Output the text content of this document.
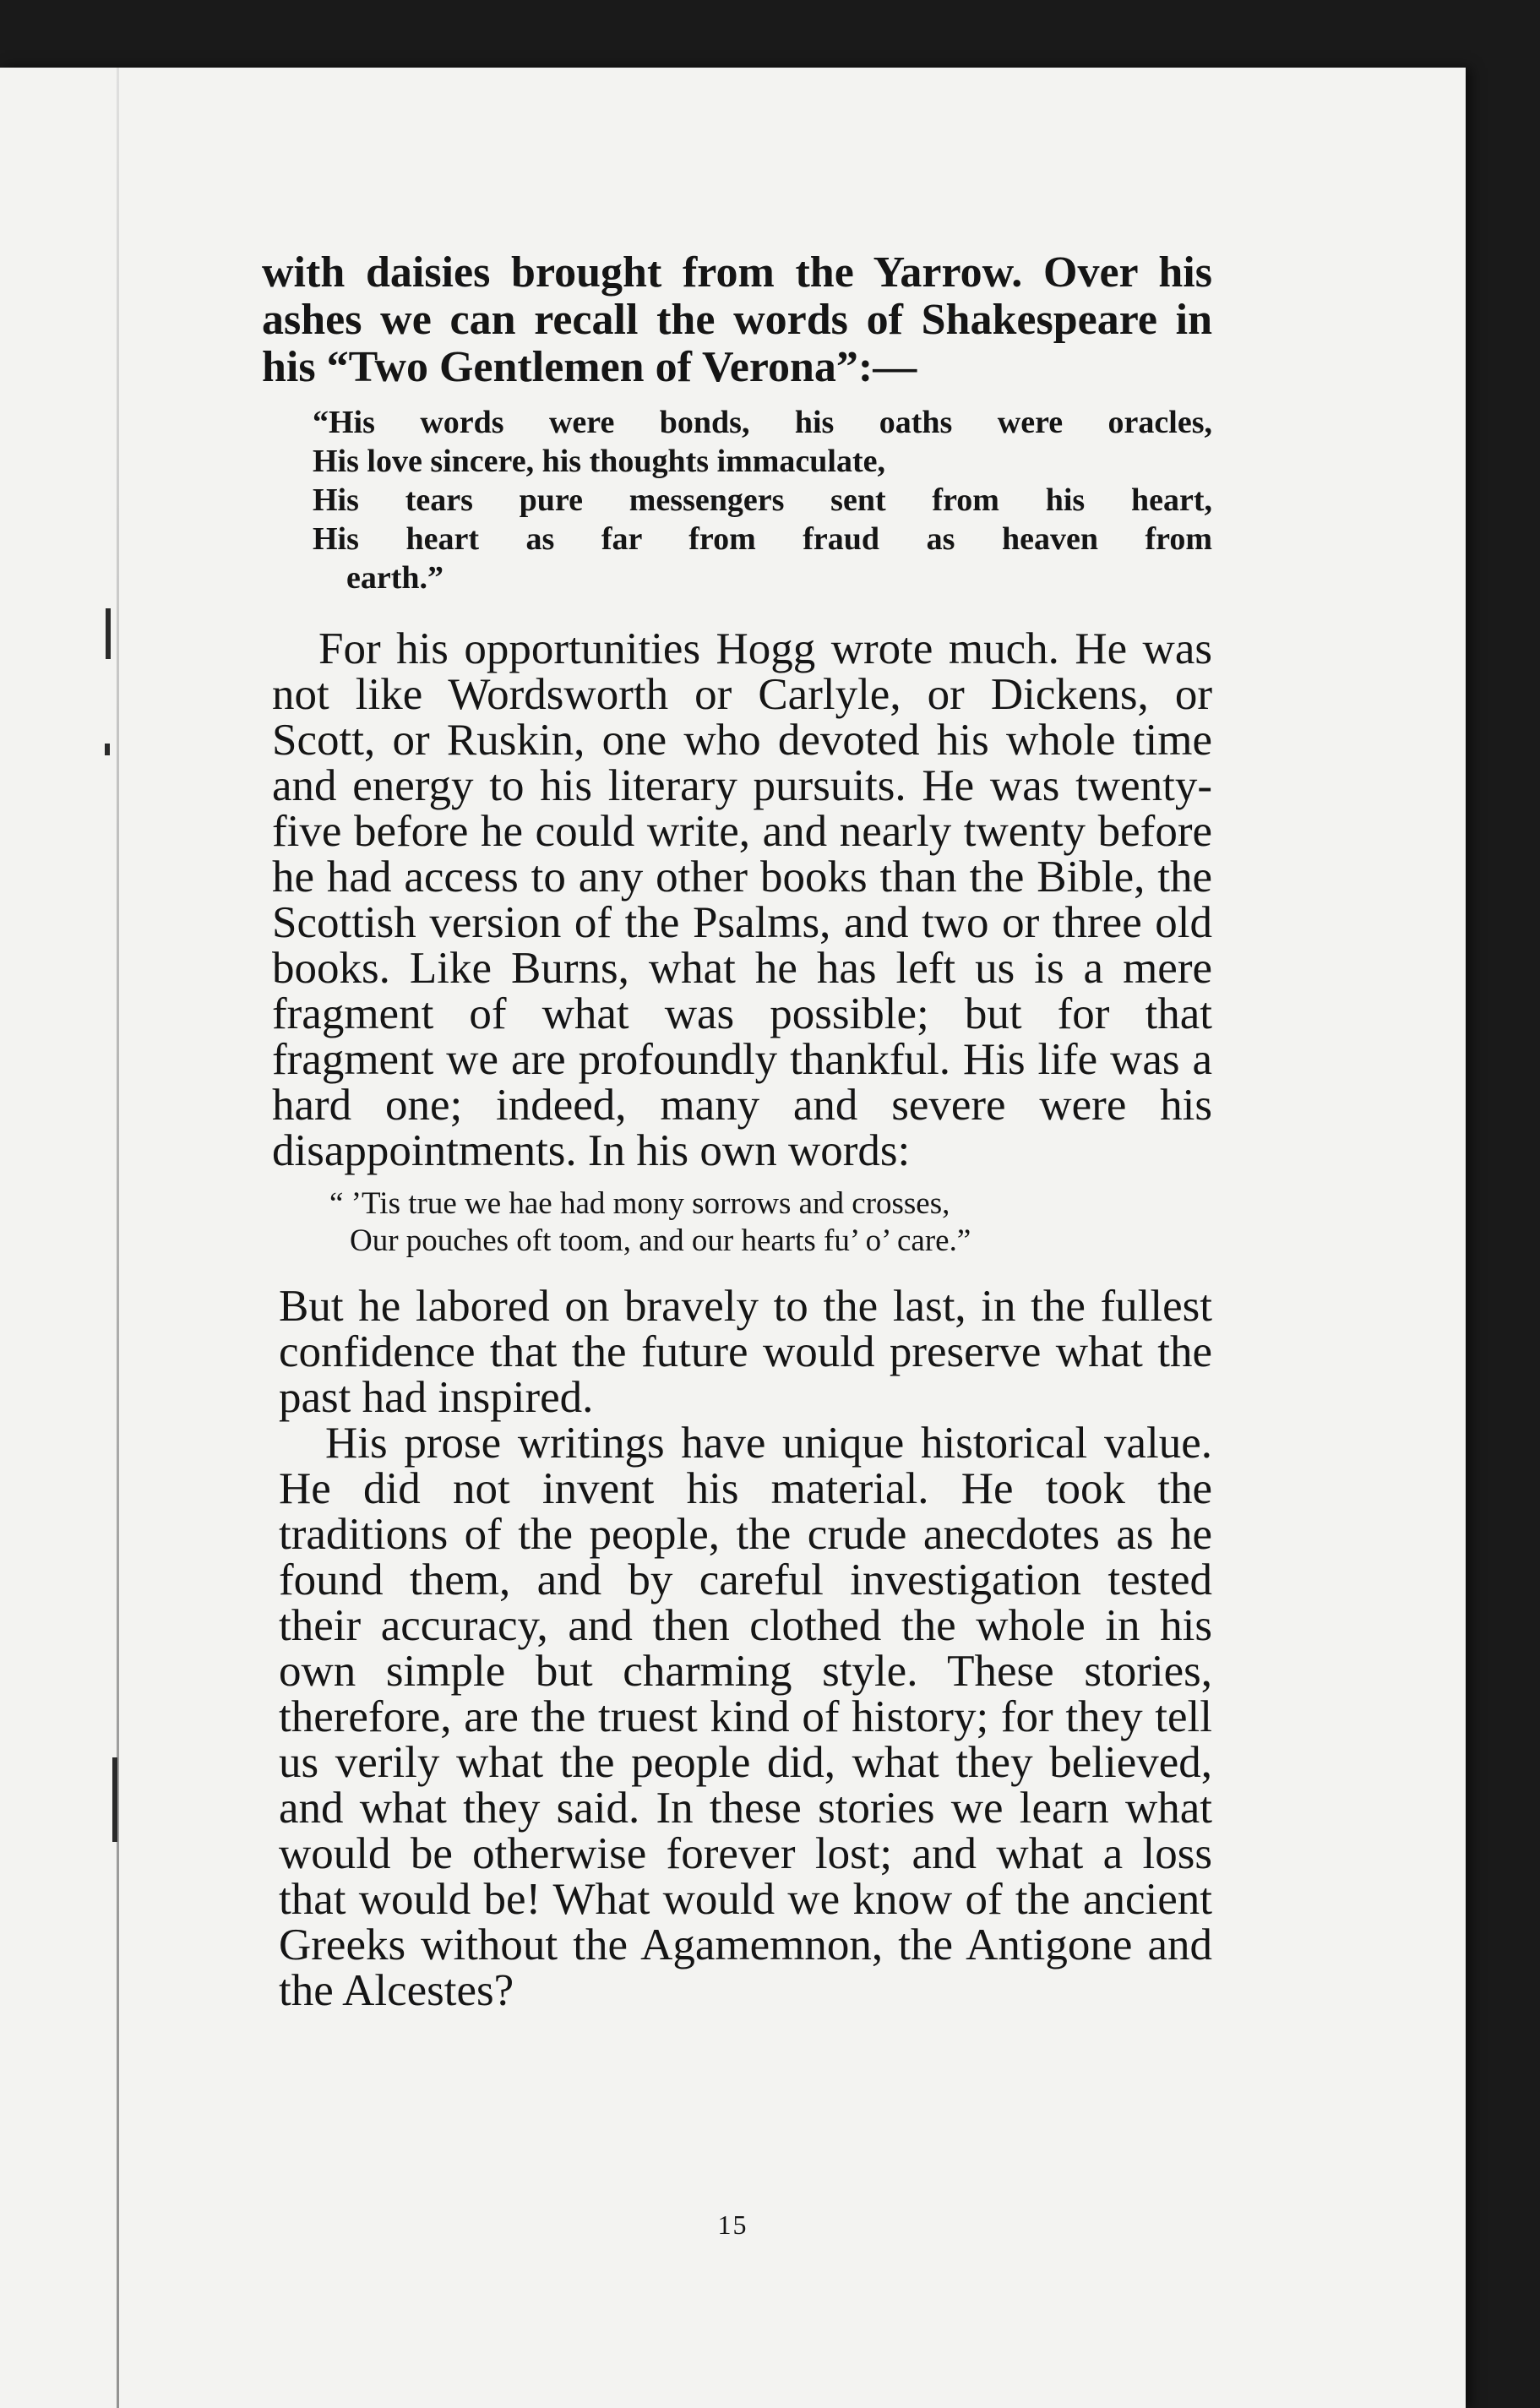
with daisies brought from the Yarrow. Over his ashes we can recall the words of Shakespeare in his “Two Gentlemen of Verona”:—

“His words were bonds, his oaths were oracles,
His love sincere, his thoughts immaculate,
His tears pure messengers sent from his heart,
His heart as far from fraud as heaven from
earth.”

For his opportunities Hogg wrote much. He was not like Wordsworth or Carlyle, or Dickens, or Scott, or Ruskin, one who devoted his whole time and energy to his literary pursuits. He was twenty-five before he could write, and nearly twenty before he had access to any other books than the Bible, the Scottish version of the Psalms, and two or three old books. Like Burns, what he has left us is a mere fragment of what was possible; but for that fragment we are profoundly thankful. His life was a hard one; indeed, many and severe were his disappointments. In his own words:

“ ’Tis true we hae had mony sorrows and crosses,
Our pouches oft toom, and our hearts fu’ o’ care.”

But he labored on bravely to the last, in the fullest confidence that the future would preserve what the past had inspired.

His prose writings have unique historical value. He did not invent his material. He took the traditions of the people, the crude anecdotes as he found them, and by careful investigation tested their accuracy, and then clothed the whole in his own simple but charming style. These stories, therefore, are the truest kind of history; for they tell us verily what the people did, what they believed, and what they said. In these stories we learn what would be otherwise forever lost; and what a loss that would be! What would we know of the ancient Greeks without the Agamemnon, the Antigone and the Alcestes?

15
